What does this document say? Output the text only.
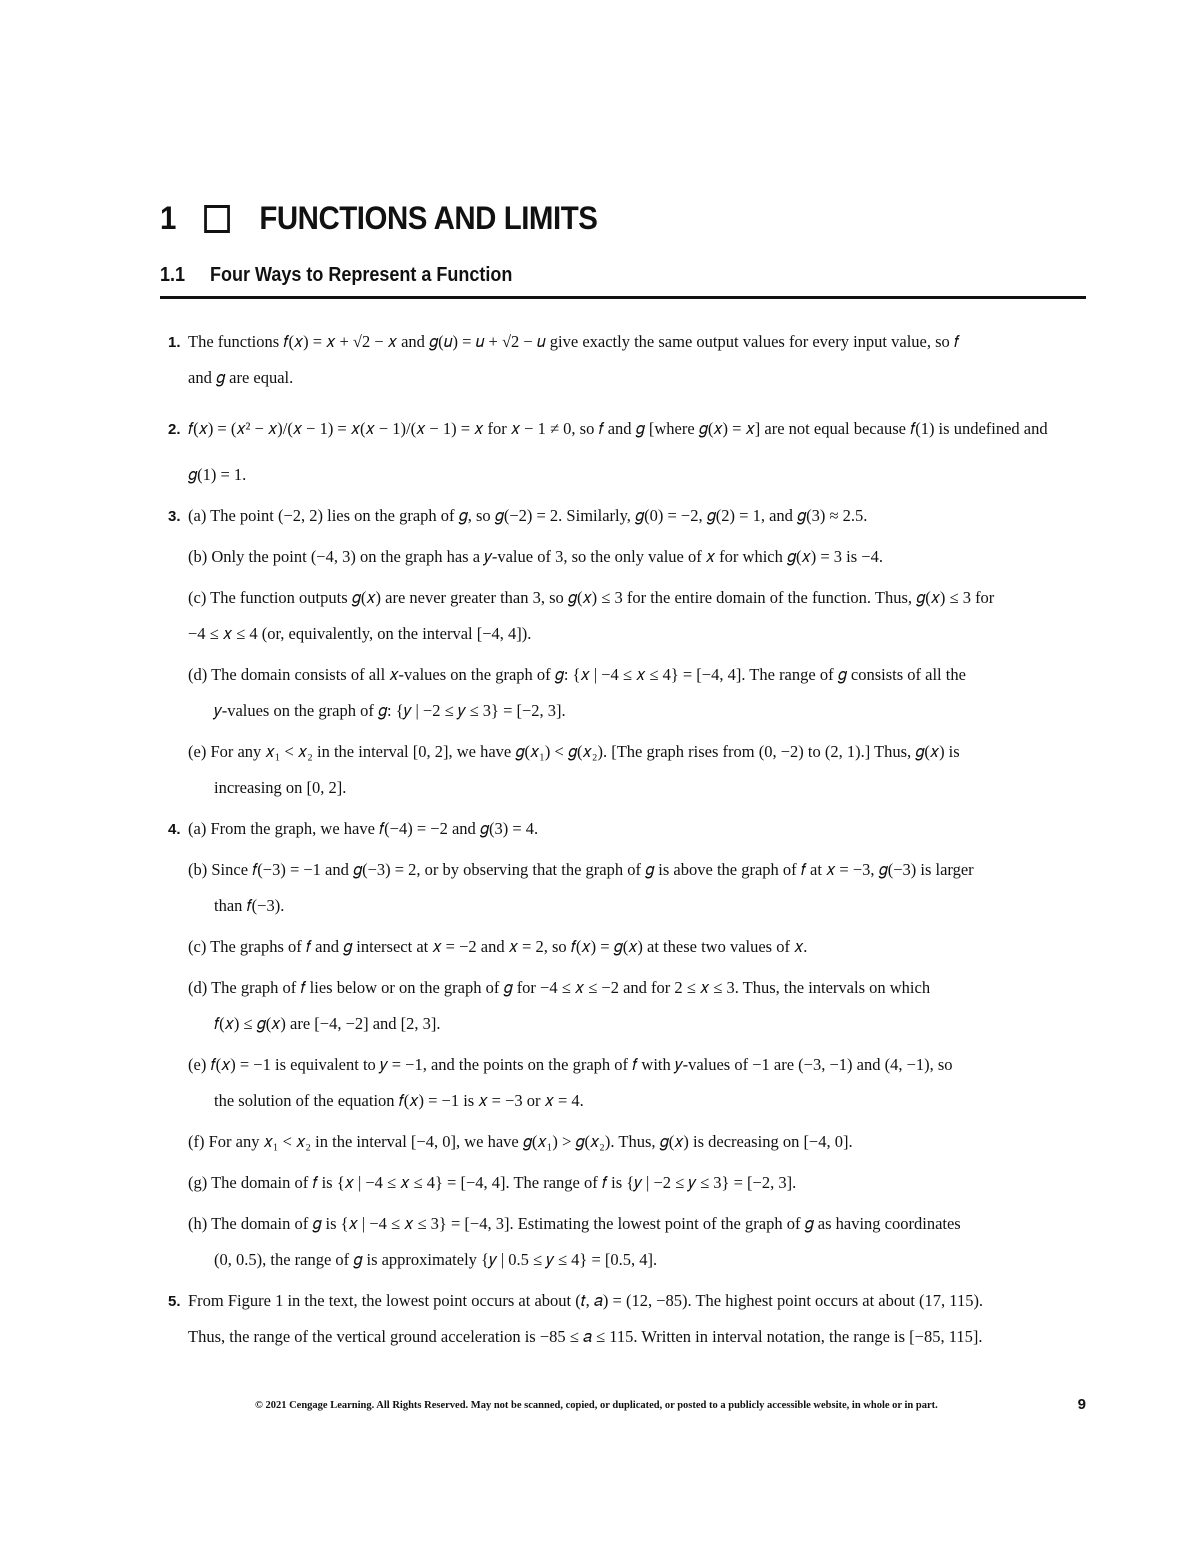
1	FUNCTIONS AND LIMITS
1.1 Four Ways to Represent a Function
1. The functions 𝑓(𝑥) = 𝑥 + √2 − 𝑥 and 𝑔(𝑢) = 𝑢 + √2 − 𝑢 give exactly the same output values for every input value, so 𝑓
and 𝑔 are equal.
2. 𝑓(𝑥) = (𝑥² − 𝑥)/(𝑥 − 1) = 𝑥(𝑥 − 1)/(𝑥 − 1) = 𝑥 for 𝑥 − 1 ≠ 0, so 𝑓 and 𝑔 [where 𝑔(𝑥) = 𝑥] are not equal because 𝑓(1) is undefined and
𝑔(1) = 1.
3. (a) The point (−2, 2) lies on the graph of 𝑔, so 𝑔(−2) = 2. Similarly, 𝑔(0) = −2, 𝑔(2) = 1, and 𝑔(3) ≈ 2.5.
(b) Only the point (−4, 3) on the graph has a 𝑦-value of 3, so the only value of 𝑥 for which 𝑔(𝑥) = 3 is −4.
(c) The function outputs 𝑔(𝑥) are never greater than 3, so 𝑔(𝑥) ≤ 3 for the entire domain of the function. Thus, 𝑔(𝑥) ≤ 3 for
−4 ≤ 𝑥 ≤ 4 (or, equivalently, on the interval [−4, 4]).
(d) The domain consists of all 𝑥-values on the graph of 𝑔: {𝑥 | −4 ≤ 𝑥 ≤ 4} = [−4, 4]. The range of 𝑔 consists of all the
𝑦-values on the graph of 𝑔: {𝑦 | −2 ≤ 𝑦 ≤ 3} = [−2, 3].
(e) For any 𝑥₁ < 𝑥₂ in the interval [0, 2], we have 𝑔(𝑥₁) < 𝑔(𝑥₂). [The graph rises from (0, −2) to (2, 1).] Thus, 𝑔(𝑥) is
increasing on [0, 2].
4. (a) From the graph, we have 𝑓(−4) = −2 and 𝑔(3) = 4.
(b) Since 𝑓(−3) = −1 and 𝑔(−3) = 2, or by observing that the graph of 𝑔 is above the graph of 𝑓 at 𝑥 = −3, 𝑔(−3) is larger
than 𝑓(−3).
(c) The graphs of 𝑓 and 𝑔 intersect at 𝑥 = −2 and 𝑥 = 2, so 𝑓(𝑥) = 𝑔(𝑥) at these two values of 𝑥.
(d) The graph of 𝑓 lies below or on the graph of 𝑔 for −4 ≤ 𝑥 ≤ −2 and for 2 ≤ 𝑥 ≤ 3. Thus, the intervals on which
𝑓(𝑥) ≤ 𝑔(𝑥) are [−4, −2] and [2, 3].
(e) 𝑓(𝑥) = −1 is equivalent to 𝑦 = −1, and the points on the graph of 𝑓 with 𝑦-values of −1 are (−3, −1) and (4, −1), so
the solution of the equation 𝑓(𝑥) = −1 is 𝑥 = −3 or 𝑥 = 4.
(f) For any 𝑥₁ < 𝑥₂ in the interval [−4, 0], we have 𝑔(𝑥₁) > 𝑔(𝑥₂). Thus, 𝑔(𝑥) is decreasing on [−4, 0].
(g) The domain of 𝑓 is {𝑥 | −4 ≤ 𝑥 ≤ 4} = [−4, 4]. The range of 𝑓 is {𝑦 | −2 ≤ 𝑦 ≤ 3} = [−2, 3].
(h) The domain of 𝑔 is {𝑥 | −4 ≤ 𝑥 ≤ 3} = [−4, 3]. Estimating the lowest point of the graph of 𝑔 as having coordinates
(0, 0.5), the range of 𝑔 is approximately {𝑦 | 0.5 ≤ 𝑦 ≤ 4} = [0.5, 4].
5. From Figure 1 in the text, the lowest point occurs at about (𝑡, 𝑎) = (12, −85). The highest point occurs at about (17, 115).
Thus, the range of the vertical ground acceleration is −85 ≤ 𝑎 ≤ 115. Written in interval notation, the range is [−85, 115].
© 2021 Cengage Learning. All Rights Reserved. May not be scanned, copied, or duplicated, or posted to a publicly accessible website, in whole or in part.	9
